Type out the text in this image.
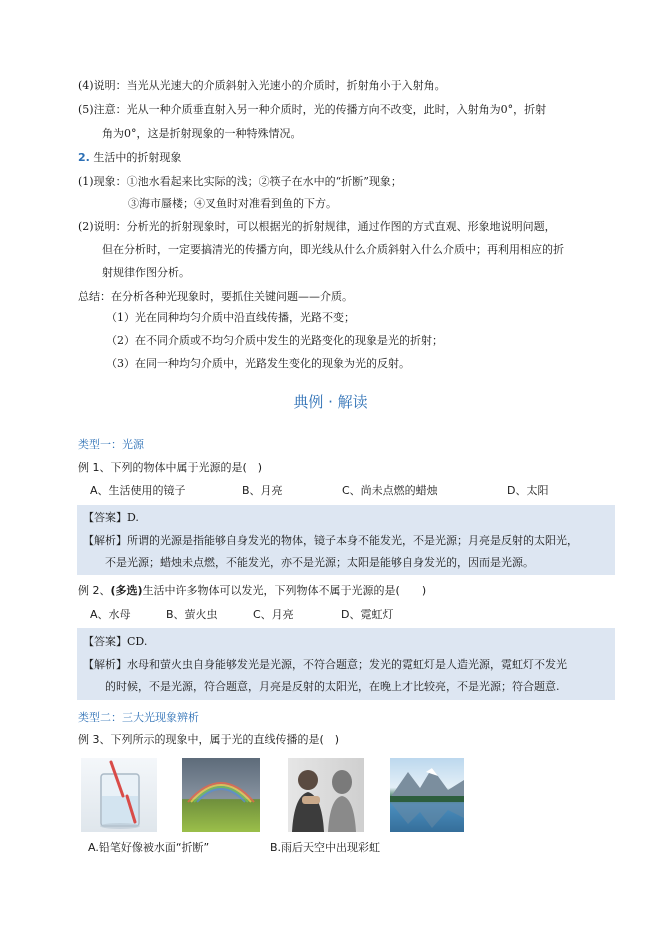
(4)说明：当光从光速大的介质斜射入光速小的介质时，折射角小于入射角。
(5)注意：光从一种介质垂直射入另一种介质时，光的传播方向不改变，此时，入射角为0°，折射
角为0°，这是折射现象的一种特殊情况。
2. 生活中的折射现象
(1)现象：①池水看起来比实际的浅；②筷子在水中的“折断”现象；
③海市蜃楼；④叉鱼时对准看到鱼的下方。
(2)说明：分析光的折射现象时，可以根据光的折射规律，通过作图的方式直观、形象地说明问题，
但在分析时，一定要搞清光的传播方向，即光线从什么介质斜射入什么介质中；再利用相应的折
射规律作图分析。
总结：在分析各种光现象时，要抓住关键问题——介质。
（1）光在同种均匀介质中沿直线传播，光路不变；
（2）在不同介质或不均匀介质中发生的光路变化的现象是光的折射；
（3）在同一种均匀介质中，光路发生变化的现象为光的反射。
典例 · 解读
类型一：光源
例 1、下列的物体中属于光源的是(　)
A、生活使用的镜子	B、月亮	C、尚未点燃的蜡烛	D、太阳
【答案】D.
【解析】所谓的光源是指能够自身发光的物体，镜子本身不能发光，不是光源；月亮是反射的太阳光，
不是光源；蜡烛未点燃，不能发光，亦不是光源；太阳是能够自身发光的，因而是光源。
例 2、(多选)生活中许多物体可以发光，下列物体不属于光源的是(　　)
A、水母	B、萤火虫	C、月亮	D、霓虹灯
【答案】CD.
【解析】水母和萤火虫自身能够发光是光源，不符合题意；发光的霓虹灯是人造光源，霓虹灯不发光
的时候，不是光源，符合题意，月亮是反射的太阳光，在晚上才比较亮，不是光源；符合题意.
类型二：三大光现象辨析
例 3、下列所示的现象中，属于光的直线传播的是(　)
A.铅笔好像被水面“折断”	B.雨后天空中出现彩虹
